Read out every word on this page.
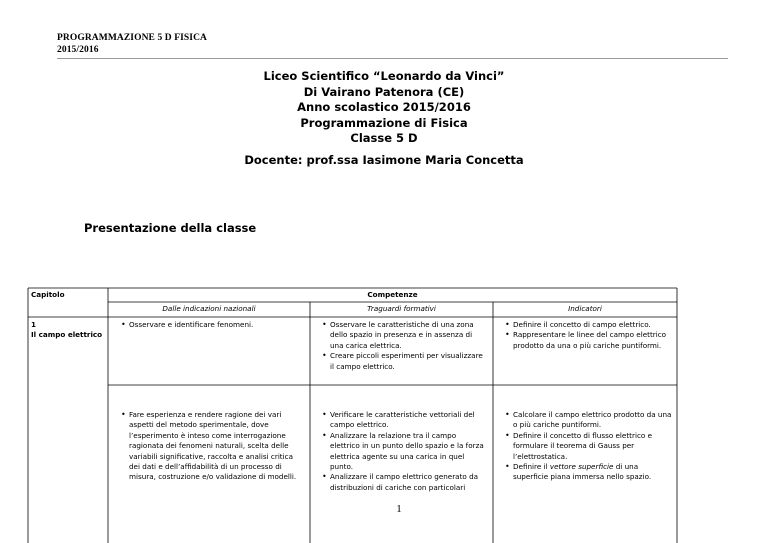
PROGRAMMAZIONE 5 D FISICA
2015/2016
Liceo Scientifico “Leonardo da Vinci”
Di Vairano Patenora (CE)
Anno scolastico 2015/2016
Programmazione di Fisica
Classe 5 D
Docente: prof.ssa Iasimone Maria Concetta
Presentazione della classe
Capitolo	Competenze
Dalle indicazioni nazionali	Traguardi formativi	Indicatori
1
Il campo elettrico
• Osservare e identificare fenomeni.
•	Osservare le caratteristiche di una zona dello spazio in presenza e in assenza di una carica elettrica.
• Creare piccoli esperimenti per visualizzare il campo elettrico.
• Definire il concetto di campo elettrico.
• Rappresentare le linee del campo elettrico prodotto da una o più cariche puntiformi.
• Fare esperienza e rendere ragione dei vari aspetti del metodo sperimentale, dove l’esperimento è inteso come interrogazione ragionata dei fenomeni naturali, scelta delle variabili significative, raccolta e analisi critica dei dati e dell’affidabilità di un processo di misura, costruzione e/o validazione di modelli.
• Verificare le caratteristiche vettoriali del campo elettrico.
• Analizzare la relazione tra il campo elettrico in un punto dello spazio e la forza elettrica agente su una carica in quel punto.
• Analizzare il campo elettrico generato da distribuzioni di cariche con particolari
• Calcolare il campo elettrico prodotto da una o più cariche puntiformi.
• Definire il concetto di flusso elettrico e formulare il teorema di Gauss per l’elettrostatica.
• Definire il vettore superficie di una superficie piana immersa nello spazio.
1
